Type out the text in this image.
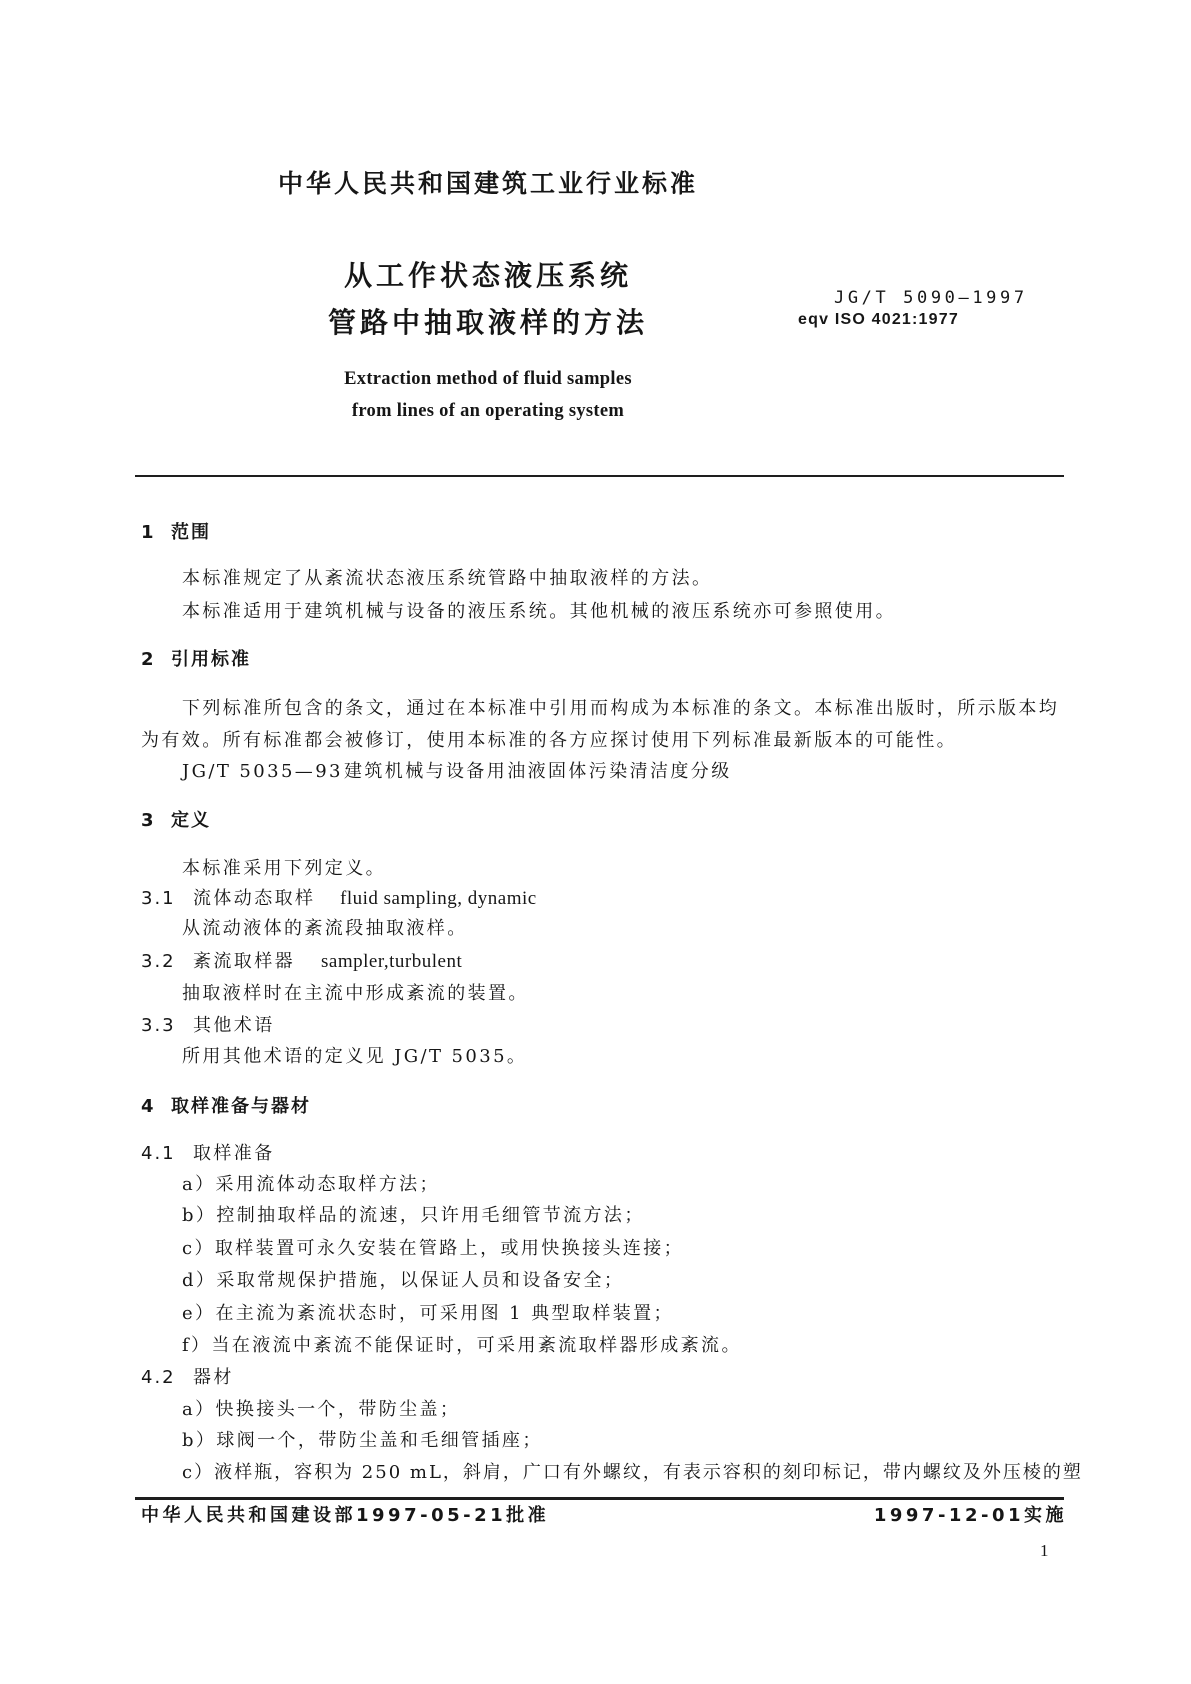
中华人民共和国建筑工业行业标准
从工作状态液压系统
管路中抽取液样的方法
JG/T 5090—1997
eqv ISO 4021:1977
Extraction method of fluid samples
from lines of an operating system
1 范围
本标准规定了从紊流状态液压系统管路中抽取液样的方法。
本标准适用于建筑机械与设备的液压系统。其他机械的液压系统亦可参照使用。
2 引用标准
下列标准所包含的条文，通过在本标准中引用而构成为本标准的条文。本标准出版时，所示版本均
为有效。所有标准都会被修订，使用本标准的各方应探讨使用下列标准最新版本的可能性。
JG/T 5035—93 建筑机械与设备用油液固体污染清洁度分级
3 定义
本标准采用下列定义。
3.1 流体动态取样 fluid sampling, dynamic
从流动液体的紊流段抽取液样。
3.2 紊流取样器 sampler,turbulent
抽取液样时在主流中形成紊流的装置。
3.3 其他术语
所用其他术语的定义见 JG/T 5035。
4 取样准备与器材
4.1 取样准备
a）采用流体动态取样方法；
b）控制抽取样品的流速，只许用毛细管节流方法；
c）取样装置可永久安装在管路上，或用快换接头连接；
d）采取常规保护措施，以保证人员和设备安全；
e）在主流为紊流状态时，可采用图 1 典型取样装置；
f）当在液流中紊流不能保证时，可采用紊流取样器形成紊流。
4.2 器材
a）快换接头一个，带防尘盖；
b）球阀一个，带防尘盖和毛细管插座；
c）液样瓶，容积为 250 mL，斜肩，广口有外螺纹，有表示容积的刻印标记，带内螺纹及外压棱的塑
中华人民共和国建设部1997-05-21批准	1997-12-01实施
1
